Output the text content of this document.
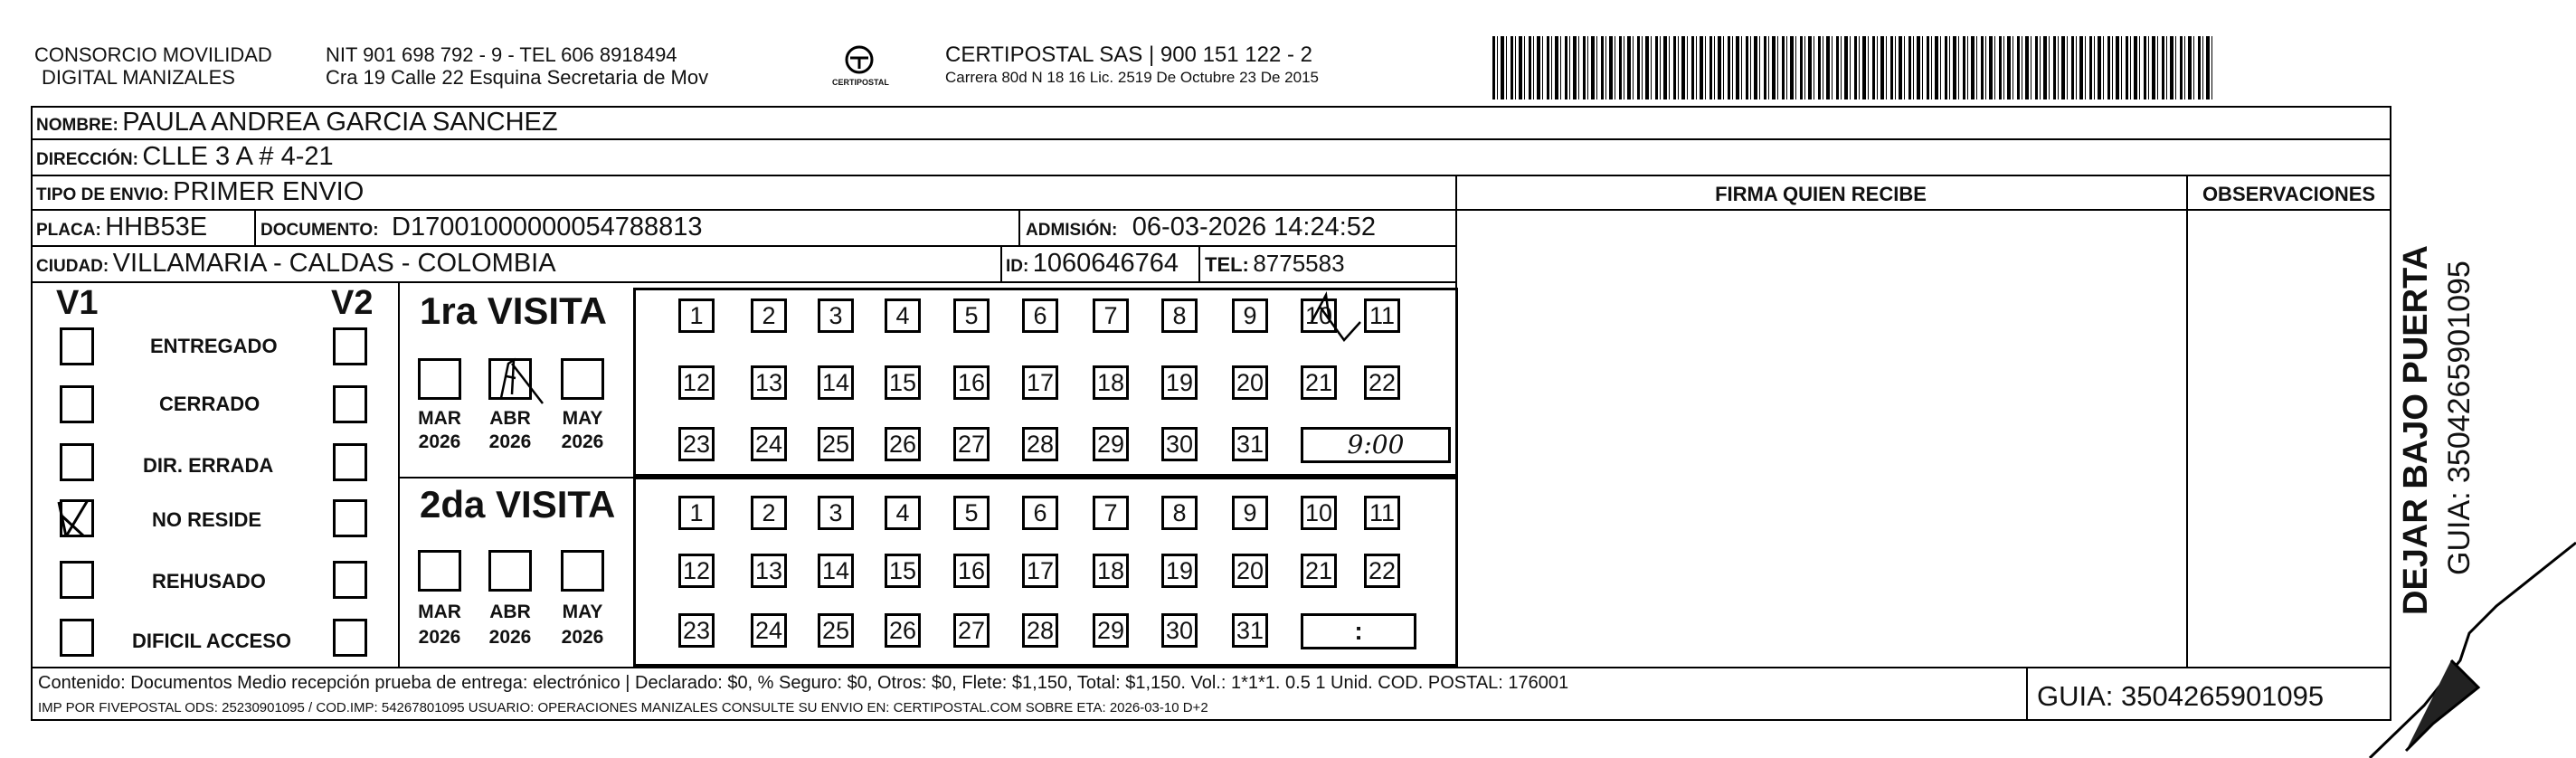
CONSORCIO MOVILIDAD
DIGITAL MANIZALES
NIT 901 698 792 - 9 - TEL 606 8918494
Cra 19 Calle 22 Esquina Secretaria de Mov	CERTIPOSTAL
CERTIPOSTAL SAS | 900 151 122 - 2
Carrera 80d N 18 16 Lic. 2519 De Octubre 23 De 2015
NOMBRE: PAULA ANDREA GARCIA SANCHEZ
DIRECCIÓN: CLLE 3 A # 4-21
TIPO DE ENVIO: PRIMER ENVIO
PLACA: HHB53E	DOCUMENTO: D17001000000054788813	ADMISIÓN: 06-03-2026 14:24:52
CIUDAD: VILLAMARIA - CALDAS - COLOMBIA	ID: 1060646764 TEL: 8775583
FIRMA QUIEN RECIBE	OBSERVACIONES
V1	V2
ENTREGADO
CERRADO
DIR. ERRADA
NO RESIDE
REHUSADO
DIFICIL ACCESO
1ra VISITA
MAR	ABR	MAY
2026	2026	2026
1	2	3	4	5	6	7	8	9	10 11
12 13 14 15 16 17 18 19 20 21 22
23 24 25 26 27 28 29 30 31	9:00
2da VISITA
MAR	ABR	MAY
2026	2026	2026
1	2	3	4	5	6	7	8	9	10 11
12 13 14 15 16 17 18 19 20 21 22
23 24 25 26 27 28 29 30 31	:
Contenido: Documentos Medio recepción prueba de entrega: electrónico | Declarado: $0, % Seguro: $0, Otros: $0, Flete: $1,150, Total: $1,150. Vol.: 1*1*1. 0.5 1 Unid. COD. POSTAL: 176001
IMP POR FIVEPOSTAL ODS: 25230901095 / COD.IMP: 54267801095 USUARIO: OPERACIONES MANIZALES CONSULTE SU ENVIO EN: CERTIPOSTAL.COM SOBRE ETA: 2026-03-10 D+2	GUIA: 3504265901095
DEJAR BAJO PUERTA GUIA: 3504265901095
